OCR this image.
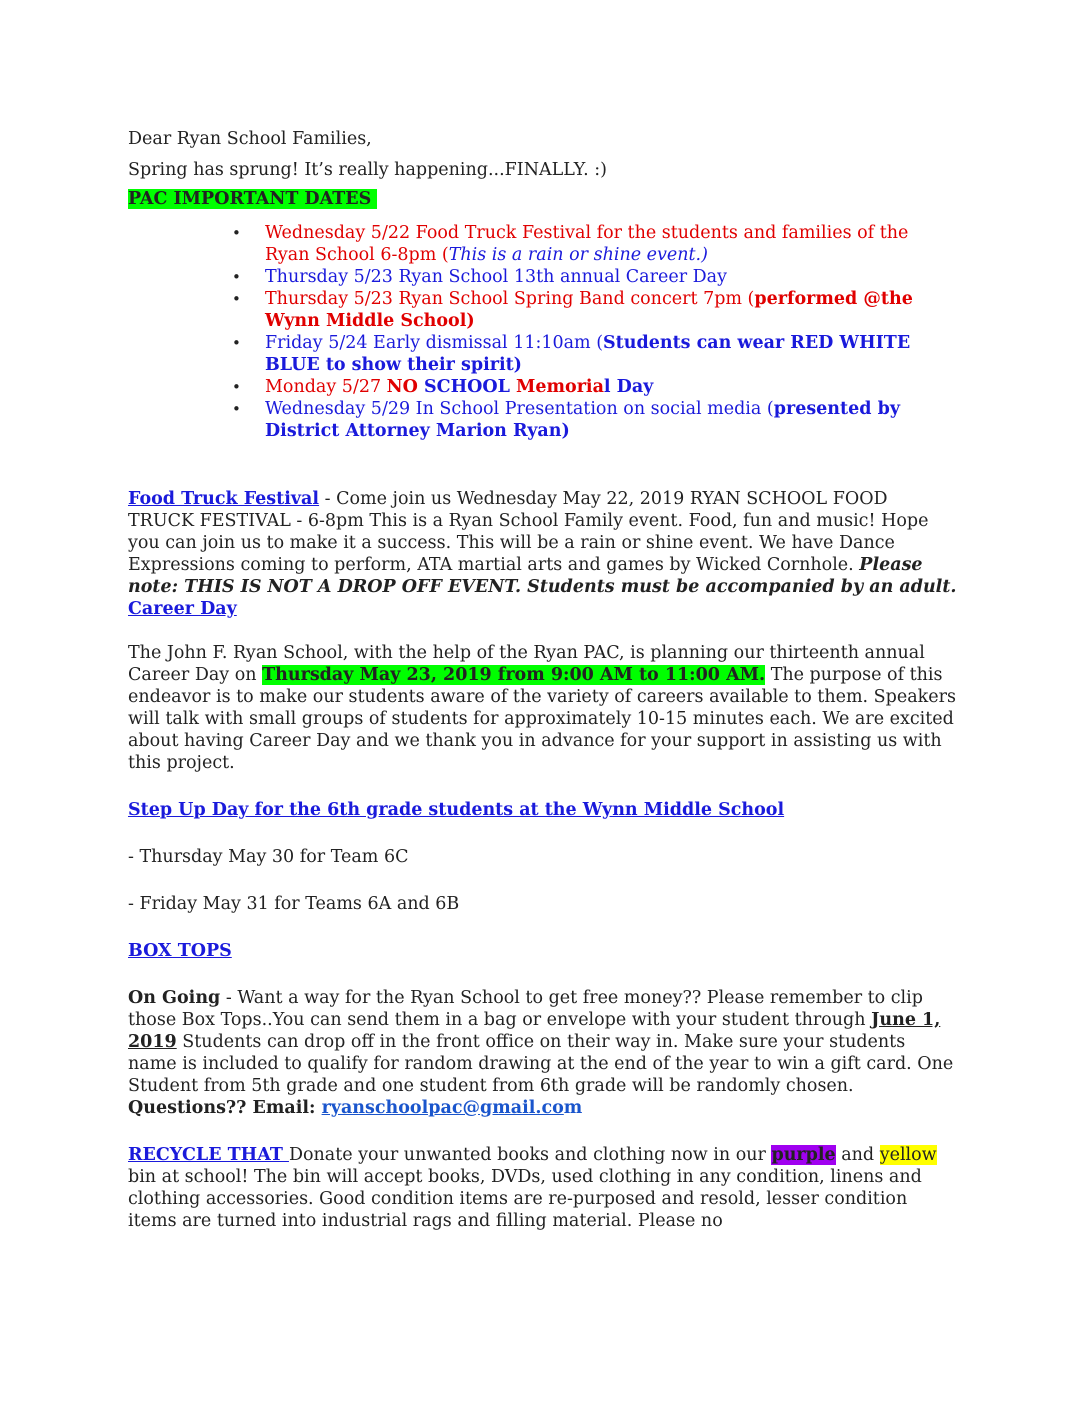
Dear Ryan School Families,

Spring has sprung! It’s really happening...FINALLY. :)

PAC IMPORTANT DATES

• Wednesday 5/22 Food Truck Festival for the students and families of the Ryan School 6-8pm (This is a rain or shine event.)
• Thursday 5/23 Ryan School 13th annual Career Day
• Thursday 5/23 Ryan School Spring Band concert 7pm (performed @the Wynn Middle School)
• Friday 5/24 Early dismissal 11:10am (Students can wear RED WHITE BLUE to show their spirit)
• Monday 5/27 NO SCHOOL Memorial Day
• Wednesday 5/29 In School Presentation on social media (presented by District Attorney Marion Ryan)

Food Truck Festival - Come join us Wednesday May 22, 2019 RYAN SCHOOL FOOD TRUCK FESTIVAL - 6-8pm This is a Ryan School Family event. Food, fun and music! Hope you can join us to make it a success. This will be a rain or shine event. We have Dance Expressions coming to perform, ATA martial arts and games by Wicked Cornhole. Please note: THIS IS NOT A DROP OFF EVENT. Students must be accompanied by an adult.

Career Day

The John F. Ryan School, with the help of the Ryan PAC, is planning our thirteenth annual Career Day on Thursday May 23, 2019 from 9:00 AM to 11:00 AM. The purpose of this endeavor is to make our students aware of the variety of careers available to them. Speakers will talk with small groups of students for approximately 10-15 minutes each. We are excited about having Career Day and we thank you in advance for your support in assisting us with this project.

Step Up Day for the 6th grade students at the Wynn Middle School

- Thursday May 30 for Team 6C

- Friday May 31 for Teams 6A and 6B

BOX TOPS

On Going - Want a way for the Ryan School to get free money?? Please remember to clip those Box Tops..You can send them in a bag or envelope with your student through June 1, 2019 Students can drop off in the front office on their way in. Make sure your students name is included to qualify for random drawing at the end of the year to win a gift card. One Student from 5th grade and one student from 6th grade will be randomly chosen. Questions?? Email: ryanschoolpac@gmail.com

RECYCLE THAT Donate your unwanted books and clothing now in our purple and yellow bin at school! The bin will accept books, DVDs, used clothing in any condition, linens and clothing accessories. Good condition items are re-purposed and resold, lesser condition items are turned into industrial rags and filling material. Please no
